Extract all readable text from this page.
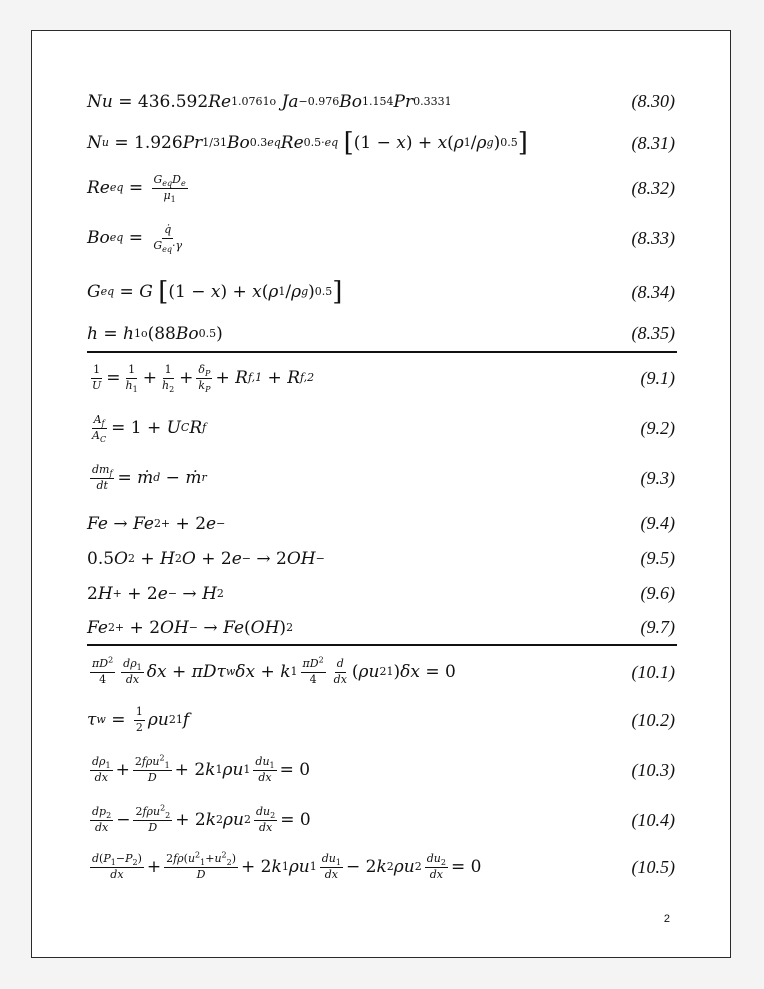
Nu = 436.592 Re 1.076 1o Ja −0.976 Bo 1.154 Pr 0.333 1	(8.30)
N u = 1.926 Pr 1/3 1 Bo 0.3 eq Re 0.5· eq
[ (1 − x ) + x ( ρ 1 / ρ g ) 0.5 ]	(8.31)
Re eq = $\frac{G_{eq}D_e}{\mu_1}$	(8.32)
Bo eq = $\frac{q̇}{G_{eq}\cdot\gamma}$	(8.33)
G eq = G [ (1 − x ) + x ( ρ 1 / ρ g ) 0.5 ]	(8.34)
h = h 1o (88 Bo 0.5 )	(8.35)
$\frac{1}{U} = \frac{1}{h_1} + \frac{1}{h_2} + \frac{\delta_P}{k_P} + R$ f,1 + R f,2	(9.1)
$\frac{A_f}{A_C} = 1 + U$ C R f	(9.2)
$\frac{dm_f}{dt}$ = ṁ d − ṁ r	(9.3)
Fe → Fe 2+ + 2 e −	(9.4)
0.5 O 2 + H 2 O + 2 e − → 2 OH −	(9.5)
2 H + + 2 e − → H 2	(9.6)
Fe 2+ + 2 OH − → Fe ( OH ) 2	(9.7)
$\frac{\pi D^2}{4} \frac{d\rho_1}{dx}$ δx + πDτ w δx + k $1 \frac{\pi D^2}{4} \frac{d}{dx}$ ( ρu 2 1 ) δx = 0	(10.1)
τ $w = \frac{1}{2}$ ρu 2 1 f	(10.2)
$\frac{d\rho_1}{dx} + \frac{2f\rho u^2_1}{D} + 2$ k 1 ρu $1 \frac{du_1}{dx} = 0$	(10.3)
$\frac{dp_2}{dx} - \frac{2f\rho u^2_2}{D} + 2$ k 2 ρu $2 \frac{du_2}{dx} = 0$	(10.4)
$\frac{d(P_1-P_2)}{dx} + \frac{2f\rho(u^2_1+u^2_2)}{D} + 2$ k 1 ρu $1 \frac{du_1}{dx} - 2$ k 2 ρu $2 \frac{du_2}{dx} = 0$	(10.5)
2
